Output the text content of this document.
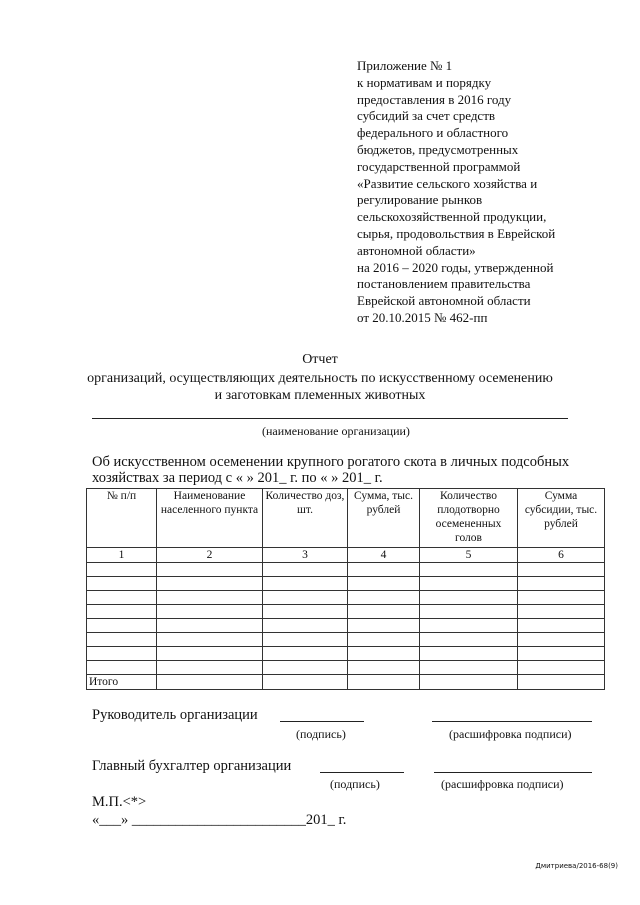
Приложение № 1
к нормативам и порядку
предоставления в 2016 году
субсидий за счет средств
федерального и областного
бюджетов, предусмотренных
государственной программой
«Развитие сельского хозяйства и
регулирование рынков
сельскохозяйственной продукции,
сырья, продовольствия в Еврейской
автономной области»
на 2016 – 2020 годы, утвержденной
постановлением правительства
Еврейской автономной области
от 20.10.2015 № 462-пп
Отчет
организаций, осуществляющих деятельность по искусственному осеменению
и заготовкам племенных животных
(наименование организации)
Об искусственном осеменении крупного рогатого скота в личных подсобных
хозяйствах за период с « » 201_ г. по « » 201_ г.
№ п/п	Наименование населенного пункта	Количество доз, шт.	Сумма, тыс. рублей	Количество плодотворно осемененных голов	Сумма субсидии, тыс. рублей
1	2	3	4	5	6

Итого					
Руководитель организации
(подпись)	(расшифровка подписи)
Главный бухгалтер организации
(подпись)	(расшифровка подписи)
М.П.<*>
«___» ________________________201_ г.
Дмитриева/2016-68(9)
